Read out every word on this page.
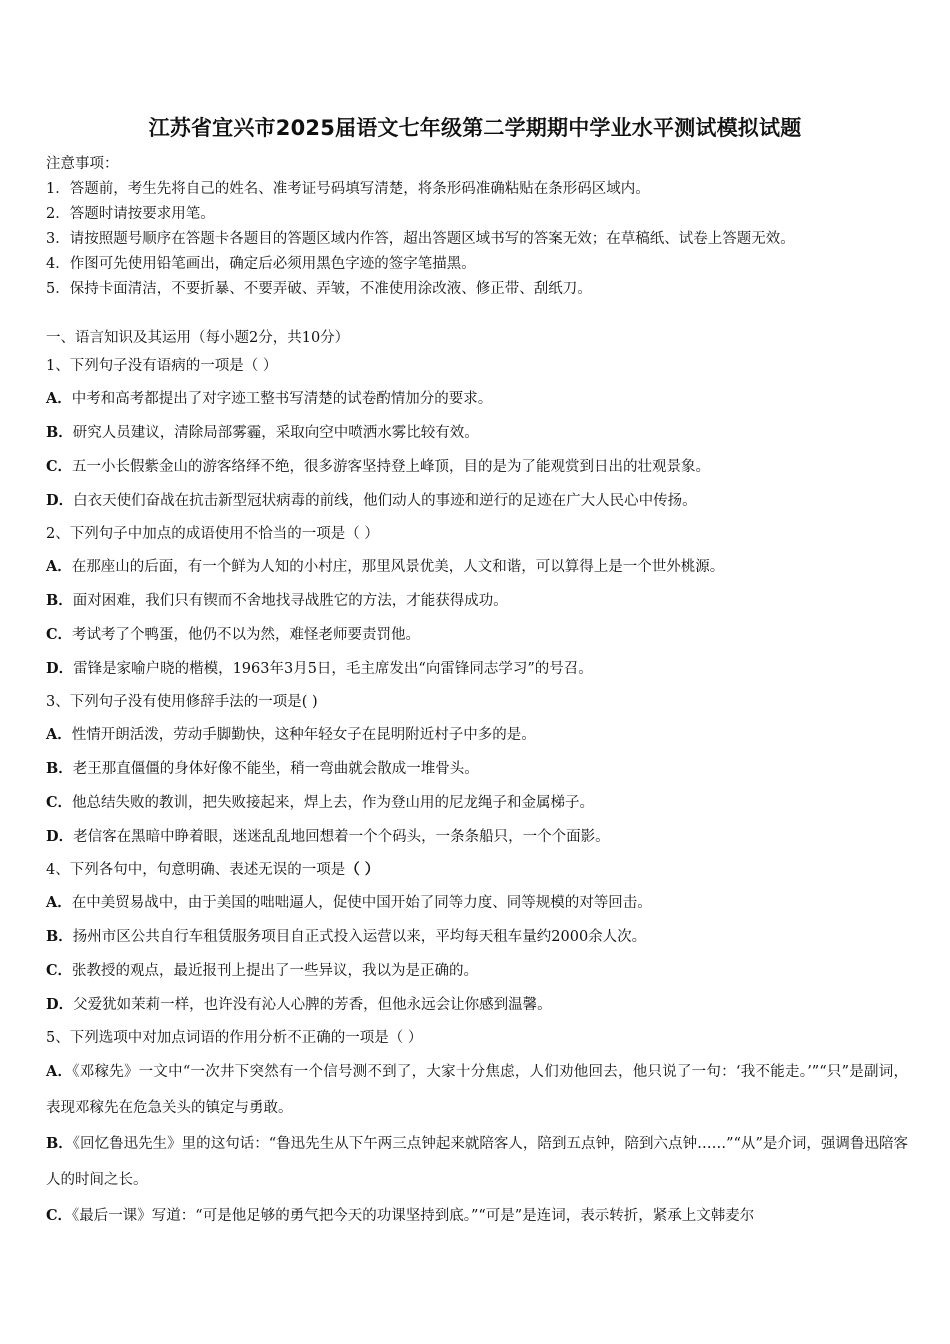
江苏省宜兴市2025届语文七年级第二学期期中学业水平测试模拟试题
注意事项：
1．答题前，考生先将自己的姓名、准考证号码填写清楚，将条形码准确粘贴在条形码区域内。
2．答题时请按要求用笔。
3．请按照题号顺序在答题卡各题目的答题区域内作答，超出答题区域书写的答案无效；在草稿纸、试卷上答题无效。
4．作图可先使用铅笔画出，确定后必须用黑色字迹的签字笔描黑。
5．保持卡面清洁，不要折暴、不要弄破、弄皱，不准使用涂改液、修正带、刮纸刀。
一、语言知识及其运用（每小题2分，共10分）
1、下列句子没有语病的一项是（ ）
A．中考和高考都提出了对字迹工整书写清楚的试卷酌情加分的要求。
B．研究人员建议，清除局部雾霾，采取向空中喷洒水雾比较有效。
C．五一小长假紫金山的游客络绎不绝，很多游客坚持登上峰顶，目的是为了能观赏到日出的壮观景象。
D．白衣天使们奋战在抗击新型冠状病毒的前线，他们动人的事迹和逆行的足迹在广大人民心中传扬。
2、下列句子中加点的成语使用不恰当的一项是（ ）
A．在那座山的后面，有一个鲜为人知的小村庄，那里风景优美，人文和谐，可以算得上是一个世外桃源。
B．面对困难，我们只有锲而不舍地找寻战胜它的方法，才能获得成功。
C．考试考了个鸭蛋，他仍不以为然，难怪老师要责罚他。
D．雷锋是家喻户晓的楷模，1963年3月5日，毛主席发出“向雷锋同志学习”的号召。
3、下列句子没有使用修辞手法的一项是( )
A．性情开朗活泼，劳动手脚勤快，这种年轻女子在昆明附近村子中多的是。
B．老王那直僵僵的身体好像不能坐，稍一弯曲就会散成一堆骨头。
C．他总结失败的教训，把失败接起来，焊上去，作为登山用的尼龙绳子和金属梯子。
D．老信客在黑暗中睁着眼，迷迷乱乱地回想着一个个码头，一条条船只，一个个面影。
4、下列各句中，句意明确、表述无误的一项是（ ）
A．在中美贸易战中，由于美国的咄咄逼人，促使中国开始了同等力度、同等规模的对等回击。
B．扬州市区公共自行车租赁服务项目自正式投入运营以来，平均每天租车量约2000余人次。
C．张教授的观点，最近报刊上提出了一些异议，我以为是正确的。
D．父爱犹如茉莉一样，也许没有沁人心脾的芳香，但他永远会让你感到温馨。
5、下列选项中对加点词语的作用分析不正确的一项是（ ）
A．《邓稼先》一文中“一次井下突然有一个信号测不到了，大家十分焦虑，人们劝他回去，他只说了一句：‘我不能走。’”“只”是副词，表现邓稼先在危急关头的镇定与勇敢。
B．《回忆鲁迅先生》里的这句话：“鲁迅先生从下午两三点钟起来就陪客人，陪到五点钟，陪到六点钟……”“从”是介词，强调鲁迅陪客人的时间之长。
C．《最后一课》写道：“可是他足够的勇气把今天的功课坚持到底。”“可是”是连词，表示转折，紧承上文韩麦尔
